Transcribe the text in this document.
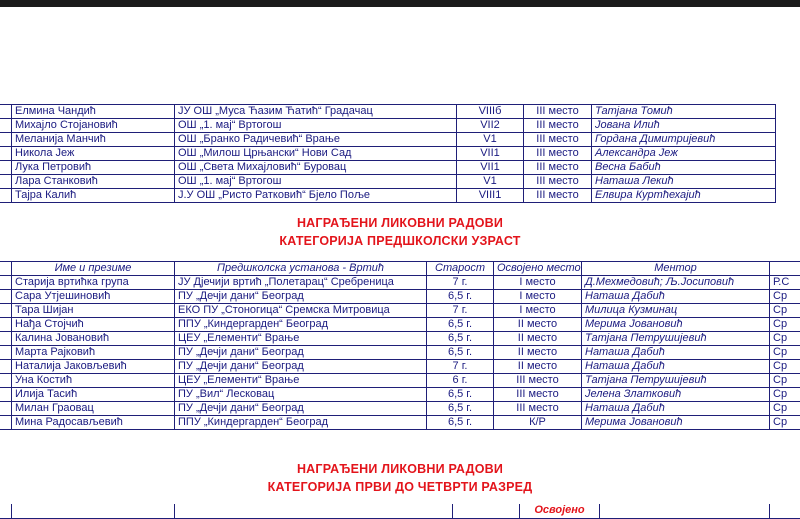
	Елмина Чандић	ЈУ ОШ „Муса Ћазим Ћатић“ Градачац	VIIIб	III место	Татјана Томић
	Михајло Стојановић	ОШ „1. мај“ Вртогош	VII2	III место	Јована Илић
	Меланија Манчић	ОШ „Бранко Радичевић“ Врање	V1	III место	Гордана Димитријевић
	Никола Јеж	ОШ „Милош Црњански“ Нови Сад	VII1	III место	Александра Јеж
	Лука Петровић	ОШ „Света Михајловић“ Буровац	VII1	III место	Весна Бабић
	Лара Станковић	ОШ „1. мај“ Вртогош	V1	III место	Наташа Лекић
	Тајра Калић	Ј.У ОШ „Ристо Ратковић“ Бјело Поље	VIII1	III место	Елвира Куртћехајић
НАГРАЂЕНИ ЛИКОВНИ РАДОВИ
КАТЕГОРИЈА ПРЕДШКОЛСКИ УЗРАСТ
	Име и презиме	Предшколска установа - Вртић	Старост	Освојено место	Ментор	
	Старија вртићка група	ЈУ Дјечији вртић „Полетарац“ Сребреница	7 г.	I место	Д.Мехмедовић; Љ.Јосиповић	Р.С
	Сара Утјешиновић	ПУ „Дечји дани“ Београд	6,5 г.	I место	Наташа Дабић	Ср
	Тара Шијан	ЕКО ПУ „Стоногица“ Сремска Митровица	7 г.	I место	Милица Кузминац	Ср
	Нађа Стојчић	ППУ „Киндергарден“ Београд	6,5 г.	II место	Мерима Јовановић	Ср
	Калина Јовановић	ЦЕУ „Елементи“ Врање	6,5 г.	II место	Татјана Петрушијевић	Ср
	Марта Рајковић	ПУ „Дечји дани“ Београд	6,5 г.	II место	Наташа Дабић	Ср
	Наталија Јаковљевић	ПУ „Дечји дани“ Београд	7 г.	II место	Наташа Дабић	Ср
	Уна Костић	ЦЕУ „Елементи“ Врање	6 г.	III место	Татјана Петрушијевић	Ср
	Илија Тасић	ПУ „Вил“ Лесковац	6,5 г.	III место	Јелена Златковић	Ср
	Милан Граовац	ПУ „Дечји дани“ Београд	6,5 г.	III место	Наташа Дабић	Ср
	Мина Радосављевић	ППУ „Киндергарден“ Београд	6,5 г.	К/Р	Мерима Јовановић	Ср
НАГРАЂЕНИ ЛИКОВНИ РАДОВИ
КАТЕГОРИЈА ПРВИ ДО ЧЕТВРТИ РАЗРЕД
				Освојено		
